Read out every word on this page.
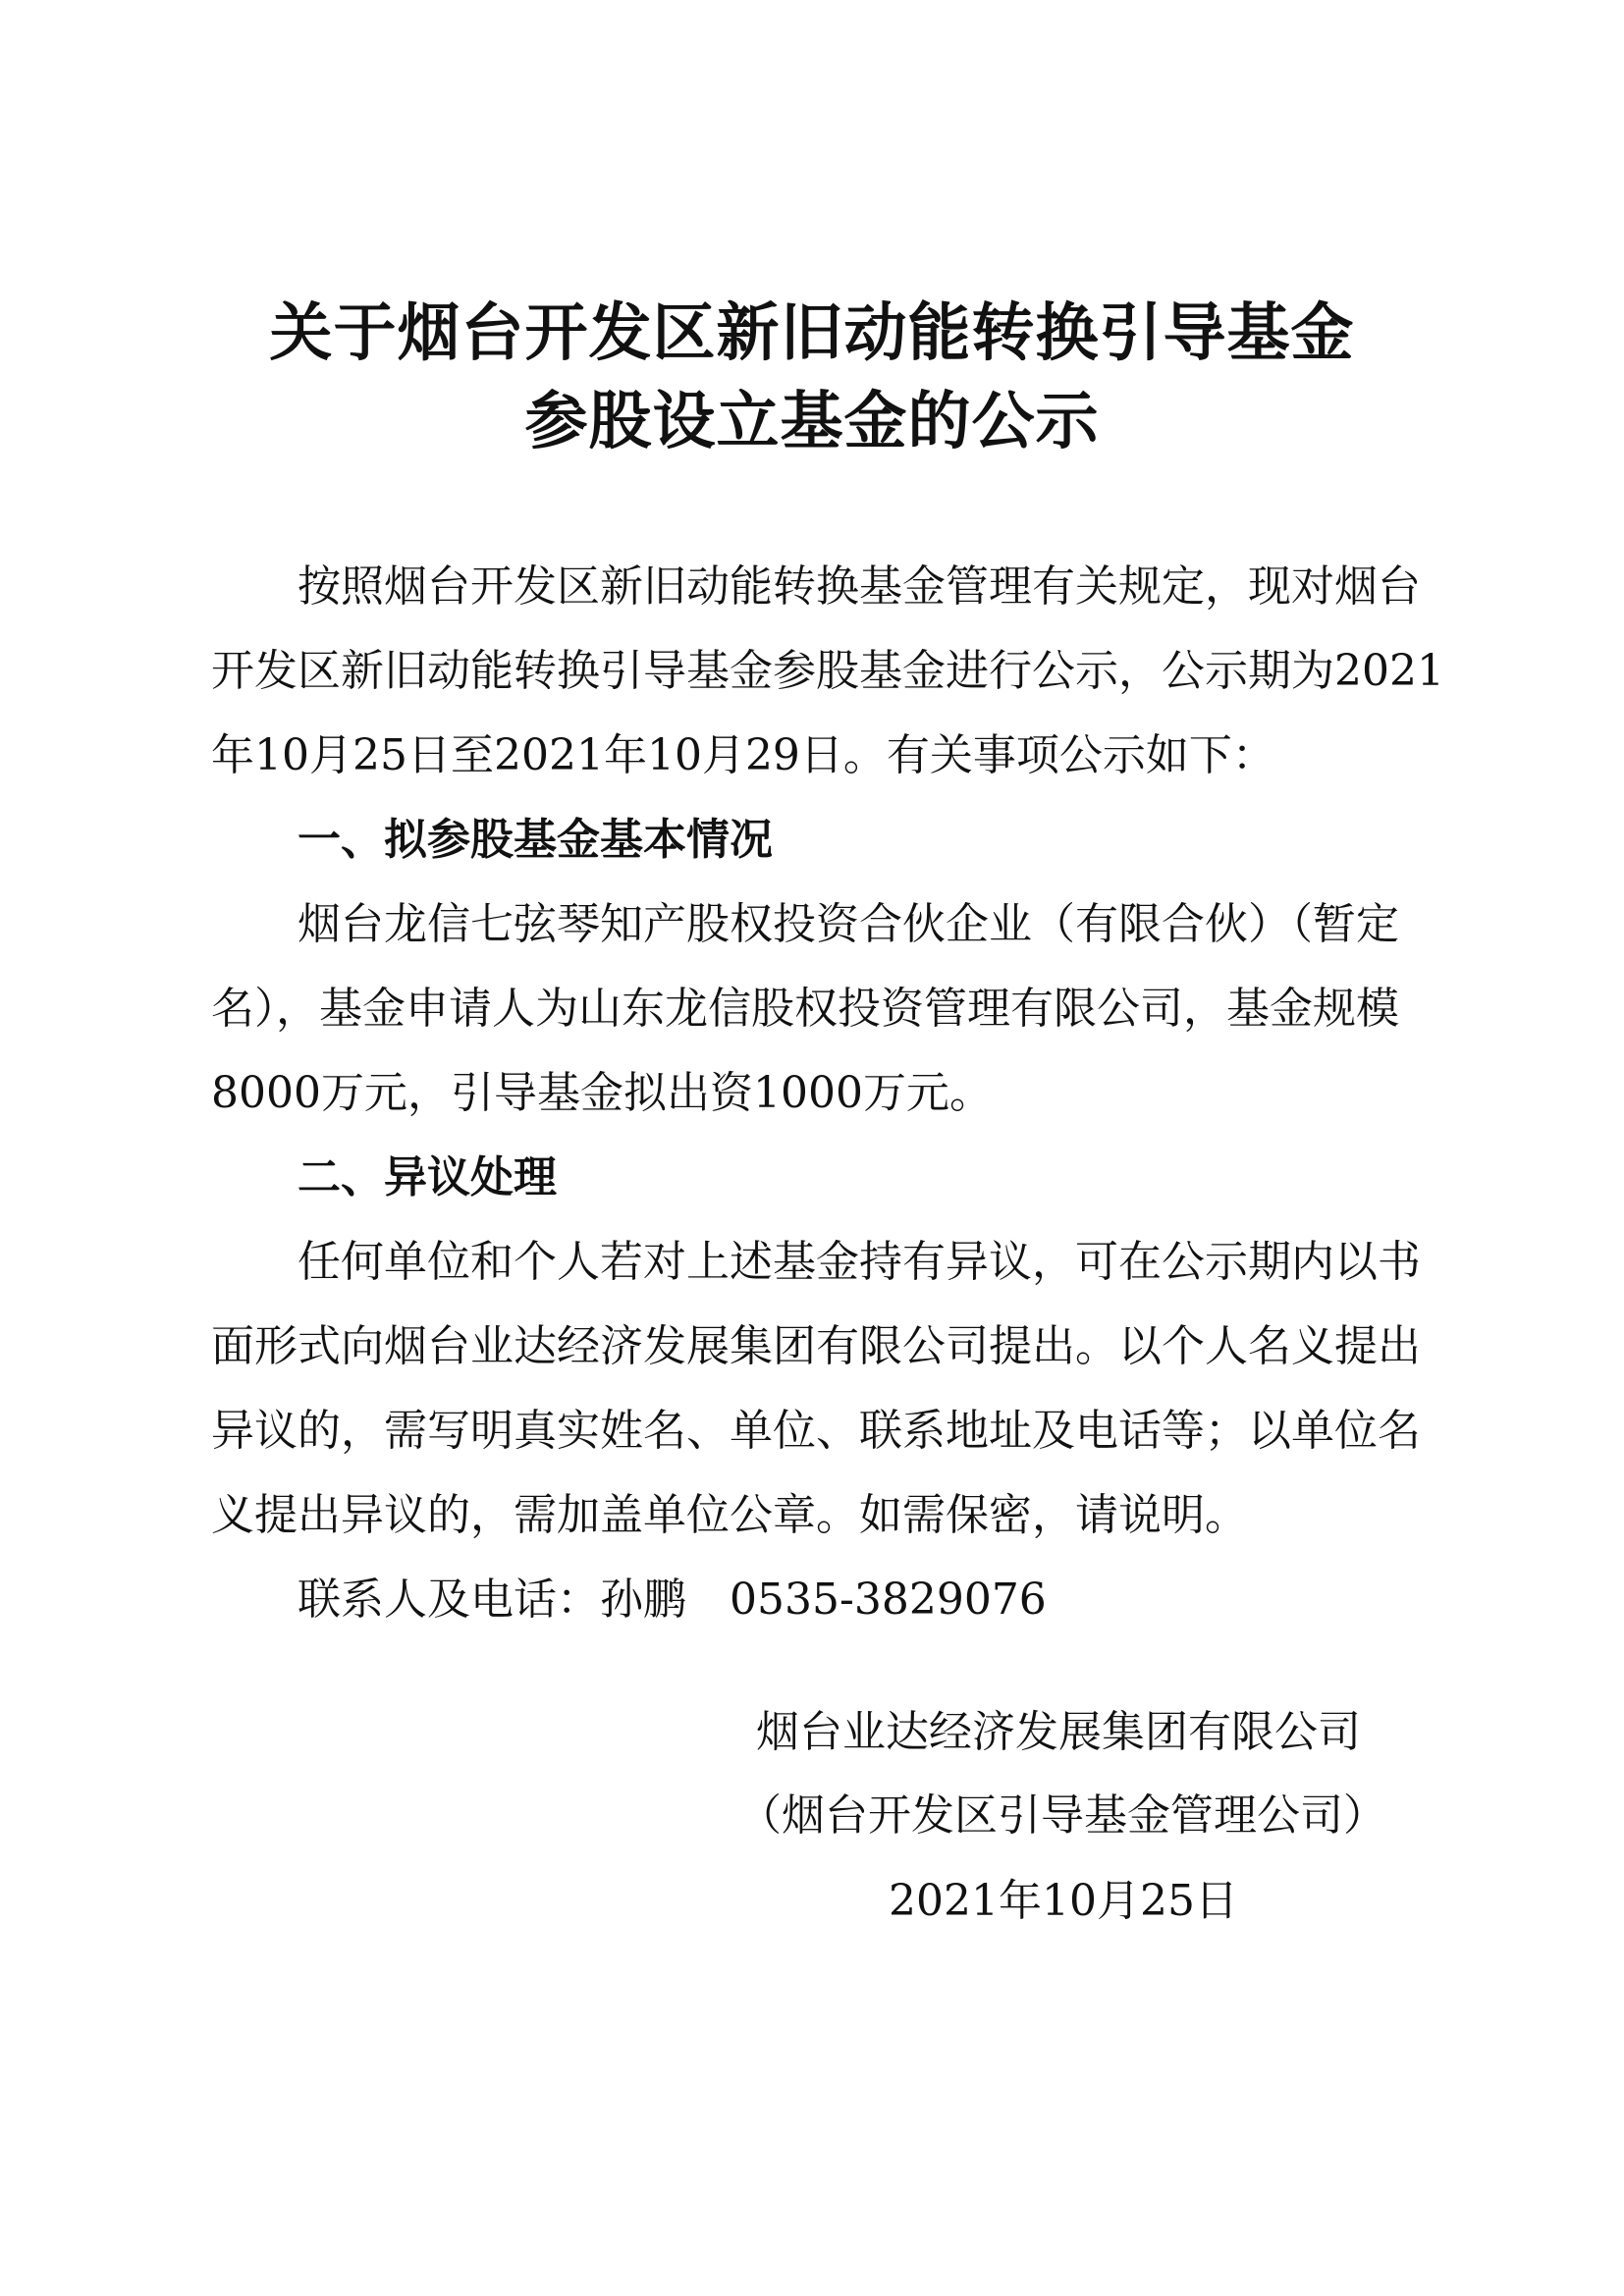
关于烟台开发区新旧动能转换引导基金
参股设立基金的公示
按照烟台开发区新旧动能转换基金管理有关规定，现对烟台
开发区新旧动能转换引导基金参股基金进行公示，公示期为2021
年10月25日至2021年10月29日。有关事项公示如下：
一、拟参股基金基本情况
烟台龙信七弦琴知产股权投资合伙企业（有限合伙）（暂定
名），基金申请人为山东龙信股权投资管理有限公司，基金规模
8000万元，引导基金拟出资1000万元。
二、异议处理
任何单位和个人若对上述基金持有异议，可在公示期内以书
面形式向烟台业达经济发展集团有限公司提出。以个人名义提出
异议的，需写明真实姓名、单位、联系地址及电话等；以单位名
义提出异议的，需加盖单位公章。如需保密，请说明。
联系人及电话：孙鹏　0535-3829076
烟台业达经济发展集团有限公司
（烟台开发区引导基金管理公司）
2021年10月25日
